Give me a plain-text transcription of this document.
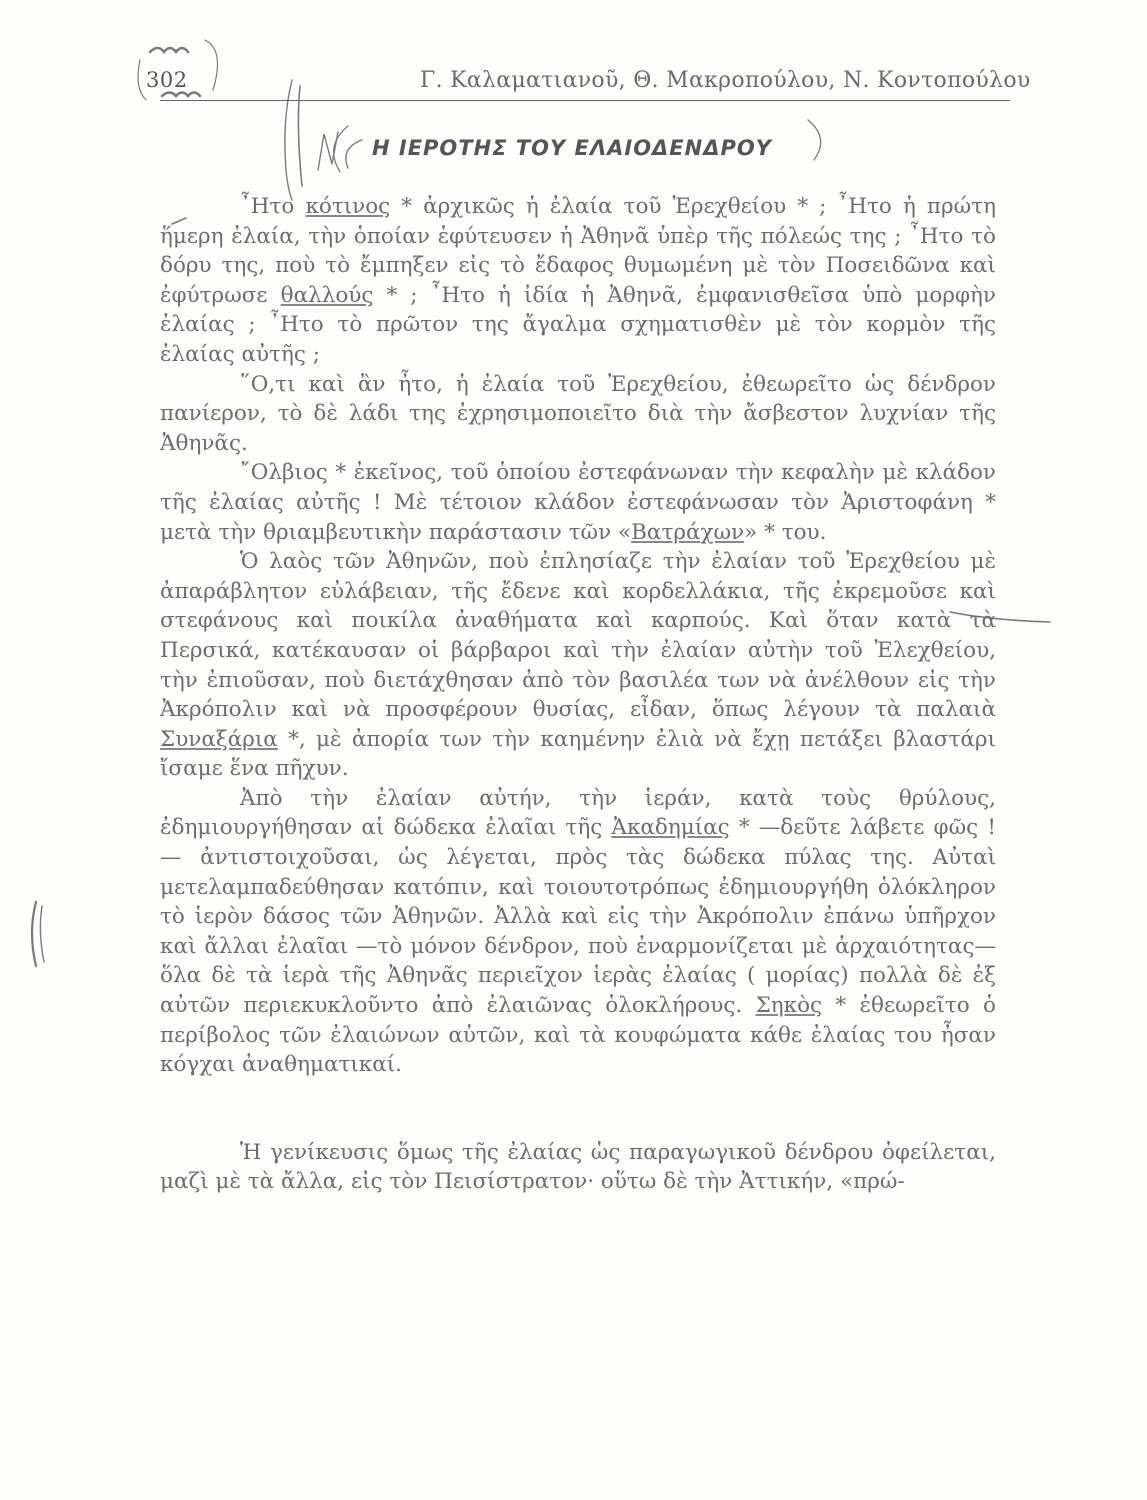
302	Γ. Καλαματιανοῦ, Θ. Μακροπούλου, Ν. Κοντοπούλου
Η ΙΕΡΟΤΗΣ ΤΟΥ ΕΛΑΙΟΔΕΝΔΡΟΥ

῏Ητο κότινος * ἀρχικῶς ἡ ἐλαία τοῦ Ἐρεχθείου * ; ῏Ητο ἡ πρώτη ἥμερη ἐλαία, τὴν ὁποίαν ἐφύτευσεν ἡ Ἀθηνᾶ ὑπὲρ τῆς πόλεώς της ; ῏Ητο τὸ δόρυ της, ποὺ τὸ ἔμπηξεν εἰς τὸ ἔδαφος θυμωμένη μὲ τὸν Ποσειδῶνα καὶ ἐφύτρωσε θαλλούς * ; ῏Ητο ἡ ἰδία ἡ Ἀθηνᾶ, ἐμφανισθεῖσα ὑπὸ μορφὴν ἐλαίας ; ῏Ητο τὸ πρῶτον της ἄγαλμα σχηματισθὲν μὲ τὸν κορμὸν τῆς ἐλαίας αὐτῆς ;

῞Ο,τι καὶ ἂν ἦτο, ἡ ἐλαία τοῦ Ἐρεχθείου, ἐθεωρεῖτο ὡς δένδρον πανίερον, τὸ δὲ λάδι της ἐχρησιμοποιεῖτο διὰ τὴν ἄσβεστον λυχνίαν τῆς Ἀθηνᾶς.

῎Ολβιος * ἐκεῖνος, τοῦ ὁποίου ἐστεφάνωναν τὴν κεφαλὴν μὲ κλάδον τῆς ἐλαίας αὐτῆς ! Μὲ τέτοιον κλάδον ἐστεφάνωσαν τὸν Ἀριστοφάνη * μετὰ τὴν θριαμβευτικὴν παράστασιν τῶν «Βατράχων» * του.

Ὁ λαὸς τῶν Ἀθηνῶν, ποὺ ἐπλησίαζε τὴν ἐλαίαν τοῦ Ἐρεχθείου μὲ ἀπαράβλητον εὐλάβειαν, τῆς ἔδενε καὶ κορδελλάκια, τῆς ἐκρεμοῦσε καὶ στεφάνους καὶ ποικίλα ἀναθήματα καὶ καρπούς. Καὶ ὅταν κατὰ τὰ Περσικά, κατέκαυσαν οἱ βάρβαροι καὶ τὴν ἐλαίαν αὐτὴν τοῦ Ἐλεχθείου, τὴν ἐπιοῦσαν, ποὺ διετάχθησαν ἀπὸ τὸν βασιλέα των νὰ ἀνέλθουν εἰς τὴν Ἀκρόπολιν καὶ νὰ προσφέρουν θυσίας, εἶδαν, ὅπως λέγουν τὰ παλαιὰ Συναξάρια *, μὲ ἀπορία των τὴν καημένην ἐλιὰ νὰ ἔχῃ πετάξει βλαστάρι ἴσαμε ἕνα πῆχυν.

Ἀπὸ τὴν ἐλαίαν αὐτήν, τὴν ἱεράν, κατὰ τοὺς θρύλους, ἐδημιουργήθησαν αἱ δώδεκα ἐλαῖαι τῆς Ἀκαδημίας * —δεῦτε λάβετε φῶς ! — ἀντιστοιχοῦσαι, ὡς λέγεται, πρὸς τὰς δώδεκα πύλας της. Αὐταὶ μετελαμπαδεύθησαν κατόπιν, καὶ τοιουτοτρόπως ἐδημιουργήθη ὁλόκληρον τὸ ἱερὸν δάσος τῶν Ἀθηνῶν. Ἀλλὰ καὶ εἰς τὴν Ἀκρόπολιν ἐπάνω ὑπῆρχον καὶ ἄλλαι ἐλαῖαι —τὸ μόνον δένδρον, ποὺ ἐναρμονίζεται μὲ ἀρχαιότητας— ὅλα δὲ τὰ ἱερὰ τῆς Ἀθηνᾶς περιεῖχον ἱερὰς ἐλαίας ( μορίας) πολλὰ δὲ ἐξ αὐτῶν περιεκυκλοῦντο ἀπὸ ἐλαιῶνας ὁλοκλήρους. Σηκὸς * ἐθεωρεῖτο ὁ περίβολος τῶν ἐλαιώνων αὐτῶν, καὶ τὰ κουφώματα κάθε ἐλαίας του ἦσαν κόγχαι ἀναθηματικαί.

Ἡ γενίκευσις ὅμως τῆς ἐλαίας ὡς παραγωγικοῦ δένδρου ὀφείλεται, μαζὶ μὲ τὰ ἄλλα, εἰς τὸν Πεισίστρατον· οὕτω δὲ τὴν Ἀττικήν, «πρώ-
